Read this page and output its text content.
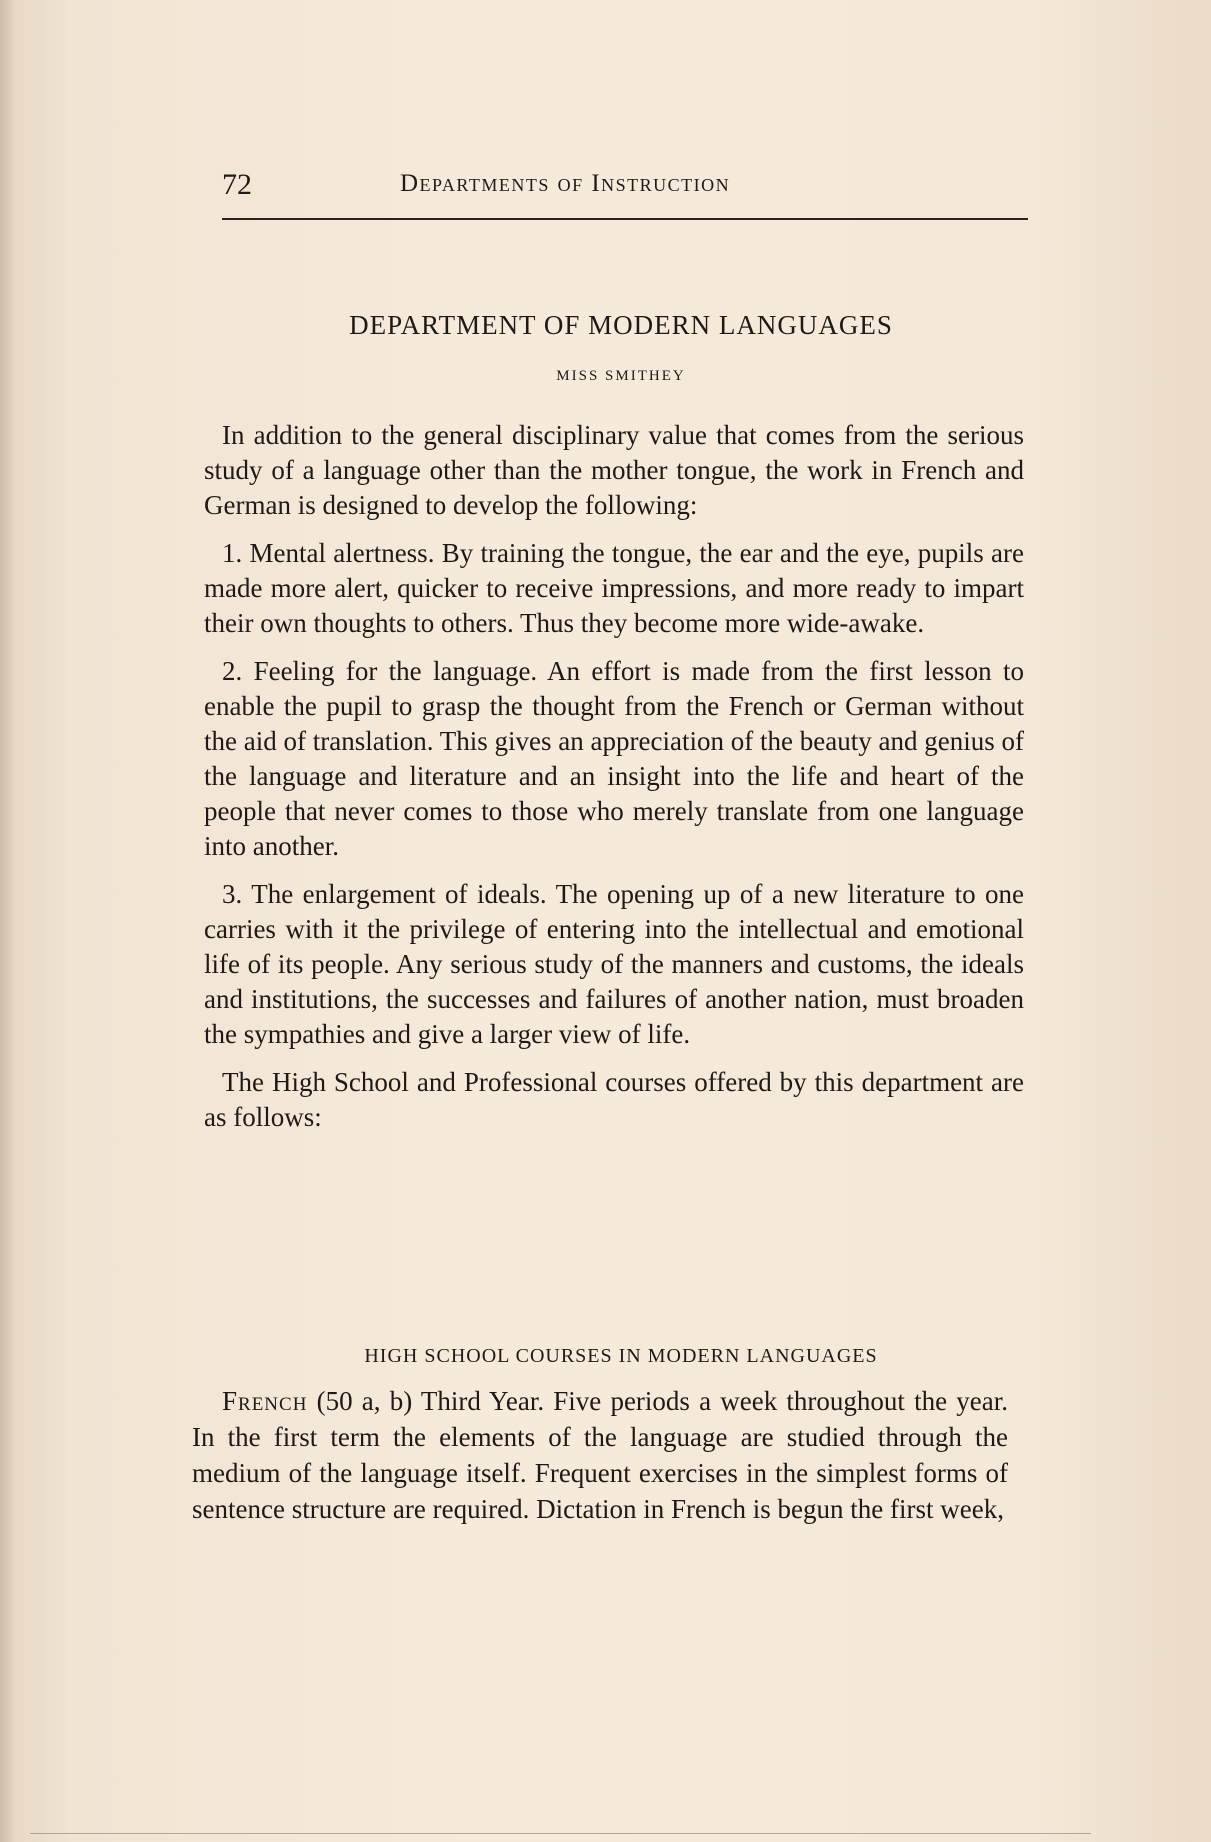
72	Departments of Instruction
DEPARTMENT OF MODERN LANGUAGES
MISS SMITHEY

In addition to the general disciplinary value that comes from the serious study of a language other than the mother tongue, the work in French and German is designed to develop the following:

1. Mental alertness. By training the tongue, the ear and the eye, pupils are made more alert, quicker to receive impressions, and more ready to impart their own thoughts to others. Thus they become more wide-awake.

2. Feeling for the language. An effort is made from the first lesson to enable the pupil to grasp the thought from the French or German without the aid of translation. This gives an appreciation of the beauty and genius of the language and literature and an insight into the life and heart of the people that never comes to those who merely translate from one language into another.

3. The enlargement of ideals. The opening up of a new literature to one carries with it the privilege of entering into the intellectual and emotional life of its people. Any serious study of the manners and customs, the ideals and institutions, the successes and failures of another nation, must broaden the sympathies and give a larger view of life.

The High School and Professional courses offered by this department are as follows:

HIGH SCHOOL COURSES IN MODERN LANGUAGES

French (50 a, b) Third Year. Five periods a week throughout the year. In the first term the elements of the language are studied through the medium of the language itself. Frequent exercises in the simplest forms of sentence structure are required. Dictation in French is begun the first week,
